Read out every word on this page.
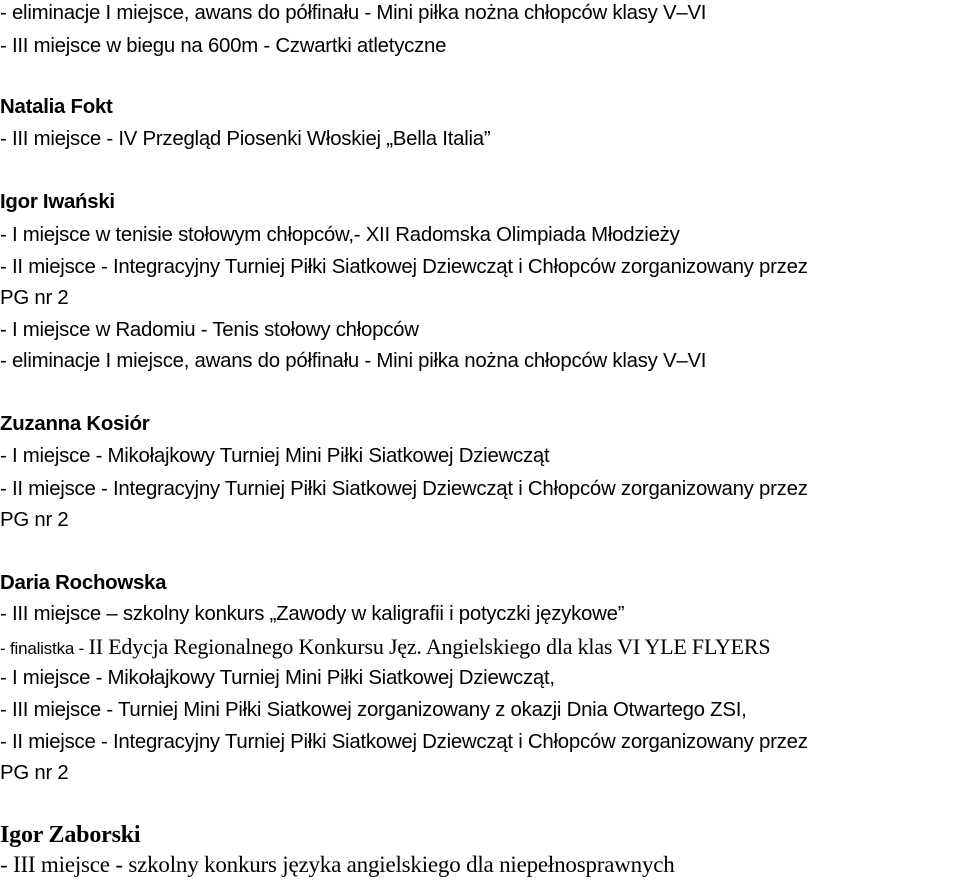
- eliminacje I miejsce, awans do półfinału - Mini piłka nożna chłopców klasy V–VI
- III miejsce w biegu na 600m - Czwartki atletyczne
Natalia Fokt
- III miejsce - IV Przegląd Piosenki Włoskiej „Bella Italia”
Igor Iwański
- I miejsce w tenisie stołowym chłopców,- XII Radomska Olimpiada Młodzieży
- II miejsce - Integracyjny Turniej Piłki Siatkowej Dziewcząt i Chłopców zorganizowany przez
PG nr 2
- I miejsce w Radomiu - Tenis stołowy chłopców
- eliminacje I miejsce, awans do półfinału - Mini piłka nożna chłopców klasy V–VI
Zuzanna Kosiór
- I miejsce - Mikołajkowy Turniej Mini Piłki Siatkowej Dziewcząt
- II miejsce - Integracyjny Turniej Piłki Siatkowej Dziewcząt i Chłopców zorganizowany przez
PG nr 2
Daria Rochowska
- III miejsce – szkolny konkurs „Zawody w kaligrafii i potyczki językowe”
- finalistka - II Edycja Regionalnego Konkursu Jęz. Angielskiego dla klas VI YLE FLYERS
- I miejsce - Mikołajkowy Turniej Mini Piłki Siatkowej Dziewcząt,
- III miejsce - Turniej Mini Piłki Siatkowej zorganizowany z okazji Dnia Otwartego ZSI,
- II miejsce - Integracyjny Turniej Piłki Siatkowej Dziewcząt i Chłopców zorganizowany przez
PG nr 2
Igor Zaborski
- III miejsce - szkolny konkurs języka angielskiego dla niepełnosprawnych
